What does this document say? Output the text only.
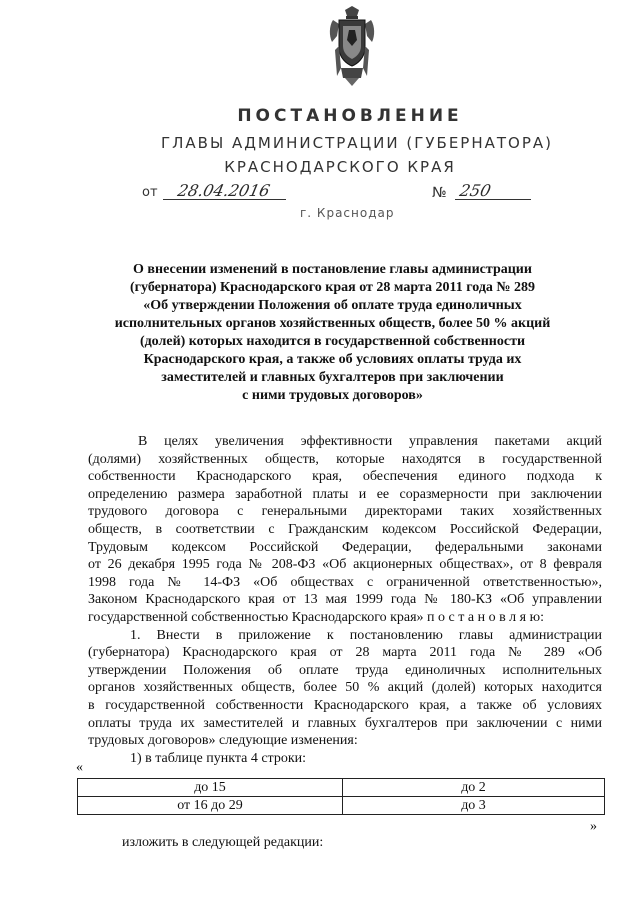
ПОСТАНОВЛЕНИЕ
ГЛАВЫ АДМИНИСТРАЦИИ (ГУБЕРНАТОРА)
КРАСНОДАРСКОГО КРАЯ
от 28.04.2016	№ 250
г. Краснодар
О внесении изменений в постановление главы администрации
(губернатора) Краснодарского края от 28 марта 2011 года № 289
«Об утверждении Положения об оплате труда единоличных
исполнительных органов хозяйственных обществ, более 50 % акций
(долей) которых находится в государственной собственности
Краснодарского края, а также об условиях оплаты труда их
заместителей и главных бухгалтеров при заключении
с ними трудовых договоров»
В целях увеличения эффективности управления пакетами акций
(долями) хозяйственных обществ, которые находятся в государственной
собственности Краснодарского края, обеспечения единого подхода к
определению размера заработной платы и ее соразмерности при заключении
трудового договора с генеральными директорами таких хозяйственных
обществ, в соответствии с Гражданским кодексом Российской Федерации,
Трудовым кодексом Российской Федерации, федеральными законами
от 26 декабря 1995 года № 208-ФЗ «Об акционерных обществах», от 8 февраля
1998 года № 14-ФЗ «Об обществах с ограниченной ответственностью»,
Законом Краснодарского края от 13 мая 1999 года № 180-КЗ «Об управлении
государственной собственностью Краснодарского края» п о с т а н о в л я ю:
1. Внести в приложение к постановлению главы администрации
(губернатора) Краснодарского края от 28 марта 2011 года № 289 «Об
утверждении Положения об оплате труда единоличных исполнительных
органов хозяйственных обществ, более 50 % акций (долей) которых находится
в государственной собственности Краснодарского края, а также об условиях
оплаты труда их заместителей и главных бухгалтеров при заключении с ними
трудовых договоров» следующие изменения:
1) в таблице пункта 4 строки:
«
до 15	до 2
от 16 до 29	до 3
»
изложить в следующей редакции:
